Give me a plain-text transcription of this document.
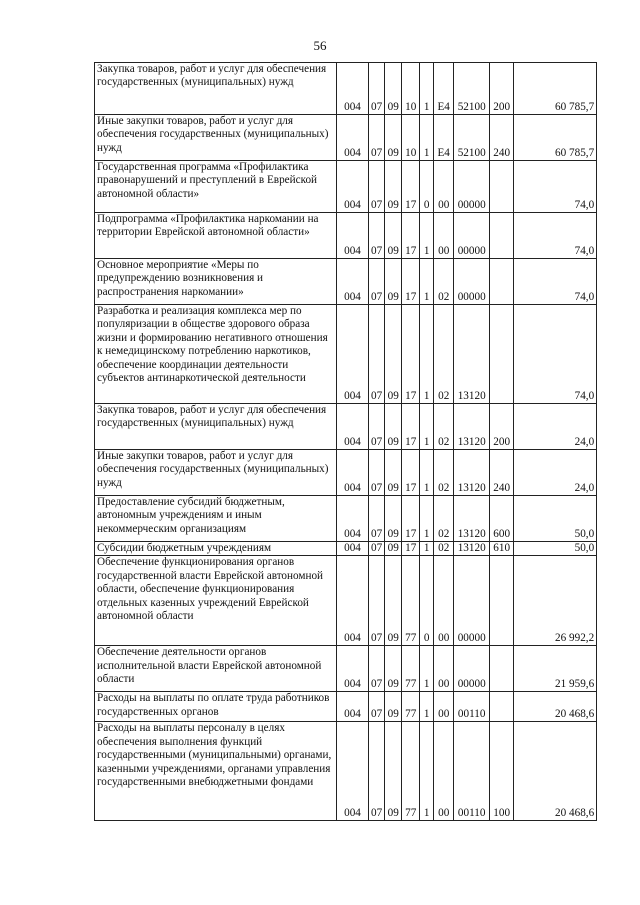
56
Закупка товаров, работ и услуг для обеспечения государственных (муниципальных) нужд	004	07	09	10	1	E4	52100	200	60 785,7
Иные закупки товаров, работ и услуг для обеспечения государственных (муниципальных) нужд	004	07	09	10	1	E4	52100	240	60 785,7
Государственная программа «Профилактика правонарушений и преступлений в Еврейской автономной области»	004	07	09	17	0	00	00000		74,0
Подпрограмма «Профилактика наркомании на территории Еврейской автономной области»	004	07	09	17	1	00	00000		74,0
Основное мероприятие «Меры по предупреждению возникновения и распространения наркомании»	004	07	09	17	1	02	00000		74,0
Разработка и реализация комплекса мер по популяризации в обществе здорового образа жизни и формированию негативного отношения к немедицинскому потреблению наркотиков, обеспечение координации деятельности субъектов антинаркотической деятельности	004	07	09	17	1	02	13120		74,0
Закупка товаров, работ и услуг для обеспечения государственных (муниципальных) нужд	004	07	09	17	1	02	13120	200	24,0
Иные закупки товаров, работ и услуг для обеспечения государственных (муниципальных) нужд	004	07	09	17	1	02	13120	240	24,0
Предоставление субсидий бюджетным, автономным учреждениям и иным некоммерческим организациям	004	07	09	17	1	02	13120	600	50,0
Субсидии бюджетным учреждениям	004	07	09	17	1	02	13120	610	50,0
Обеспечение функционирования органов государственной власти Еврейской автономной области, обеспечение функционирования отдельных казенных учреждений Еврейской автономной области	004	07	09	77	0	00	00000		26 992,2
Обеспечение деятельности органов исполнительной власти Еврейской автономной области	004	07	09	77	1	00	00000		21 959,6
Расходы на выплаты по оплате труда работников государственных органов	004	07	09	77	1	00	00110		20 468,6
Расходы на выплаты персоналу в целях обеспечения выполнения функций государственными (муниципальными) органами, казенными учреждениями, органами управления государственными внебюджетными фондами	004	07	09	77	1	00	00110	100	20 468,6
